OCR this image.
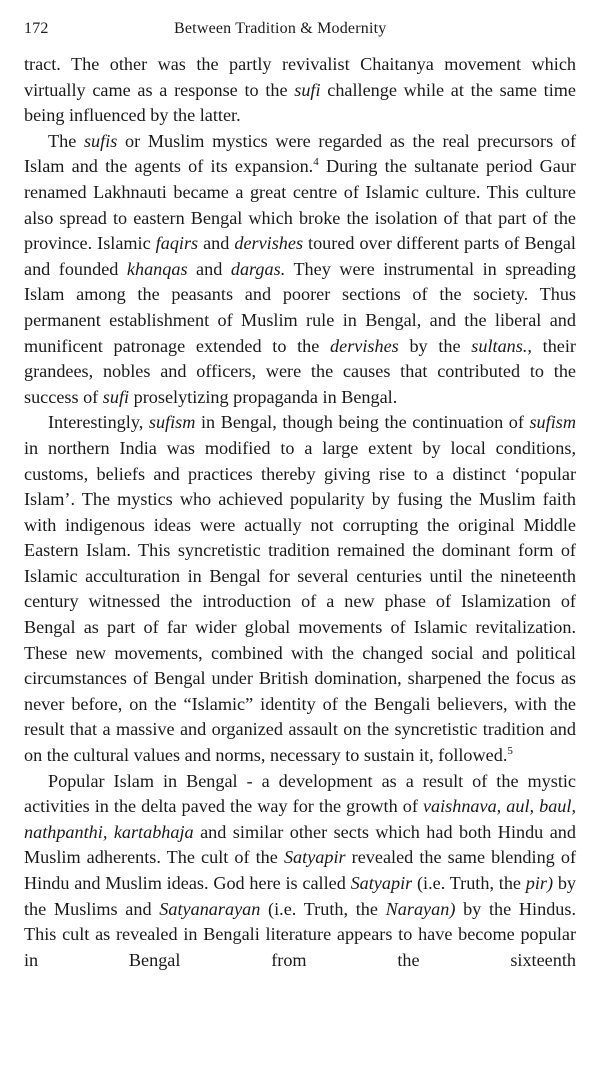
172	Between Tradition & Modernity

tract. The other was the partly revivalist Chaitanya movement which virtually came as a response to the sufi challenge while at the same time being influenced by the latter.

The sufis or Muslim mystics were regarded as the real precursors of Islam and the agents of its expansion.$^4$ During the sultanate period Gaur renamed Lakhnauti became a great centre of Islamic culture. This culture also spread to eastern Bengal which broke the isolation of that part of the province. Islamic faqirs and dervishes toured over different parts of Bengal and founded khanqas and dargas. They were instrumental in spreading Islam among the peasants and poorer sections of the society. Thus permanent establishment of Muslim rule in Bengal, and the liberal and munificent patronage extended to the dervishes by the sultans., their grandees, nobles and officers, were the causes that contributed to the success of sufi proselytizing propaganda in Bengal.

Interestingly, sufism in Bengal, though being the continuation of sufism in northern India was modified to a large extent by local conditions, customs, beliefs and practices thereby giving rise to a distinct ‘popular Islam’. The mystics who achieved popularity by fusing the Muslim faith with indigenous ideas were actually not corrupting the original Middle Eastern Islam. This syncretistic tradition remained the dominant form of Islamic acculturation in Bengal for several centuries until the nineteenth century witnessed the introduction of a new phase of Islamization of Bengal as part of far wider global movements of Islamic revitalization. These new movements, combined with the changed social and political circumstances of Bengal under British domination, sharpened the focus as never before, on the “Islamic” identity of the Bengali believers, with the result that a massive and organized assault on the syncretistic tradition and on the cultural values and norms, necessary to sustain it, followed.$^5$

Popular Islam in Bengal - a development as a result of the mystic activities in the delta paved the way for the growth of vaishnava, aul, baul, nathpanthi, kartabhaja and similar other sects which had both Hindu and Muslim adherents. The cult of the Satyapir revealed the same blending of Hindu and Muslim ideas. God here is called Satyapir (i.e. Truth, the pir) by the Muslims and Satyanarayan (i.e. Truth, the Narayan) by the Hindus. This cult as revealed in Bengali literature appears to have become popular in Bengal from the sixteenth
